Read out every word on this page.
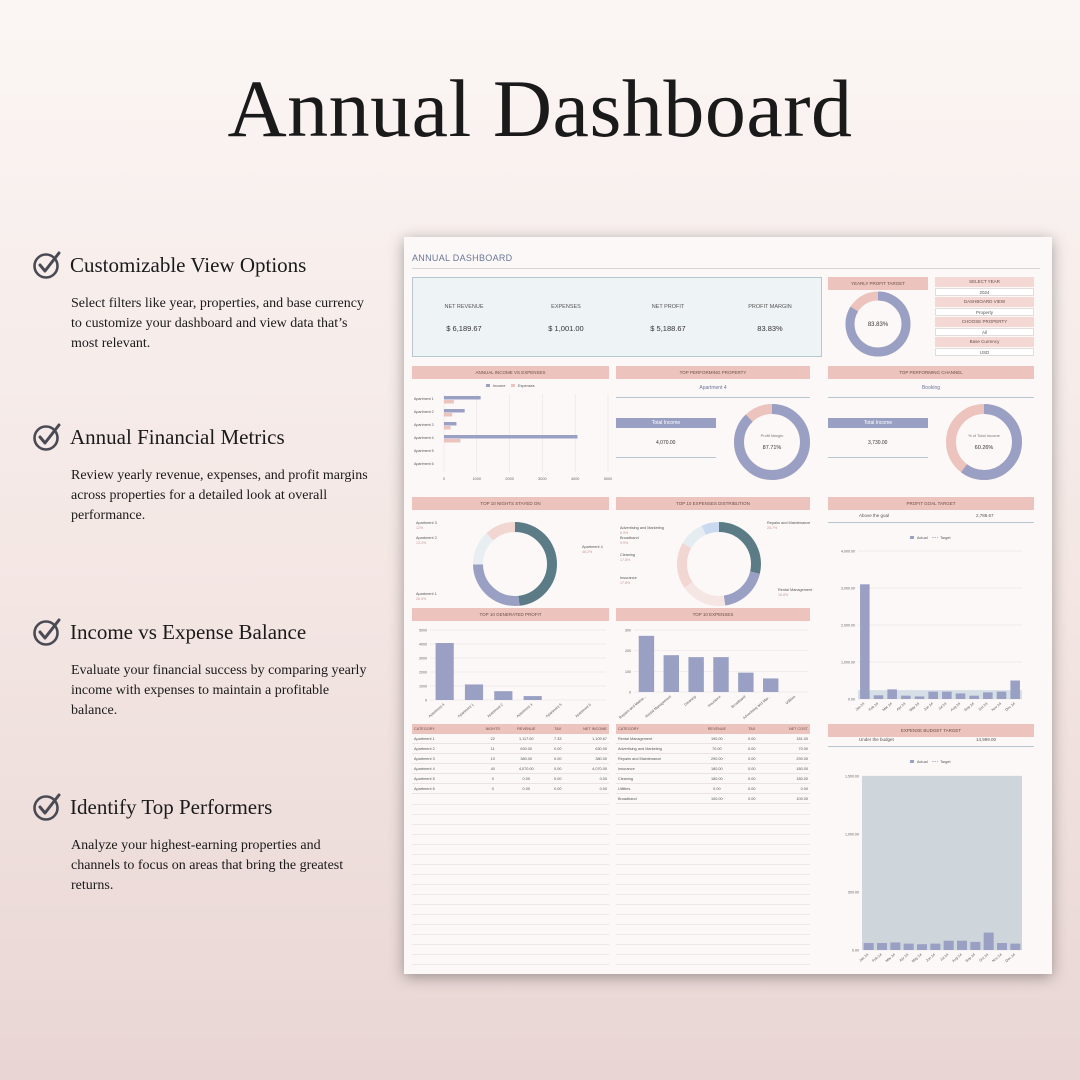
Annual Dashboard
Customizable View Options

Select filters like year, properties, and base currency to customize your dashboard and view data that’s most relevant.

Annual Financial Metrics

Review yearly revenue, expenses, and profit margins across properties for a detailed look at overall performance.

Income vs Expense Balance

Evaluate your financial success by comparing yearly income with expenses to maintain a profitable balance.

Identify Top Performers

Analyze your highest-earning properties and channels to focus on areas that bring the greatest returns.

ANNUAL DASHBOARD
NET REVENUE
$ 6,189.67
EXPENSES
$ 1,001.00
NET PROFIT
$ 5,188.67
PROFIT MARGIN
83.83%
YEARLY PROFIT TARGET
83.83%
SELECT YEAR
2024
DASHBOARD VIEW
Property
CHOOSE PROPERTY
All
Base Currency
USD
ANNUAL INCOME VS EXPENSES
Income	Expenses
0	1000	2000	3000	4000	5000
Apartment 1
Apartment 2
Apartment 3
Apartment 4
Apartment 5
Apartment 6
TOP PERFORMING PROPERTY
Apartment 4
Total Income
4,070.00
Profit Margin
87.71%
TOP PERFORMING CHANNEL
Booking
Total Income
3,730.00
% of Total Income
60.26%
TOP 10 NIGHTS STAYED ON
Apartment 4
48.2%
Apartment 1
26.5%
Apartment 2
13.3%
Apartment 3
12%
TOP 10 EXPENSES DISTRIBUTION
Repairs and Maintenance
28.7%
Rental Management
18.8%
Cleaning
17.8%
Insurance
17.8%
Broadband
9.9%
Advertising and Marketing
6.9%
PROFIT GOAL TARGET
Above the goal	2,788.67
Actual	Target
0.00
1,000.00
2,000.00
3,000.00
4,000.00
Jan 24 Feb 24 Mar 24 Apr 24 May 24 Jun 24 Jul 24 Aug 24 Sep 24 Oct 24 Nov 24 Dec 24
TOP 10 GENERATED PROFIT
0
1000
2000
3000
4000
5000
Apartment 4	Apartment 1	Apartment 2	Apartment 3	Apartment 5	Apartment 6
TOP 10 EXPENSES
0
100
200
300
Repairs and Mainte...
Rental Management	Cleaning	Insurance Broadband
Advertising and Mar...	Utilities
CATEGORY	NIGHTS	REVENUE	TAX	NET INCOME
Apartment 1	22	1,117.00	7.33	1,109.67
Apartment 2	11	630.00	0.00	630.00
Apartment 3	10	380.00	0.00	380.00
Apartment 4	40	4,070.00	0.00	4,070.00
Apartment 5	0	0.00	0.00	0.00
Apartment 6	0	0.00	0.00	0.00
CATEGORY	REVENUE	TAX	NET COST
Rental Management	190.00	0.00	181.00
Advertising and Marketing	70.00	0.00	70.00
Repairs and Maintenance	290.00	0.00	290.00
Insurance	180.00	0.00	180.00
Cleaning	180.00	0.00	180.00
Utilities	0.00	0.00	0.00
Broadband	100.00	0.00	100.00
EXPENSE BUDGET TARGET
Under the budget	14,999.00
Actual	Target
0.00
500.00
1,000.00
1,500.00
Jan 24 Feb 24 Mar 24 Apr 24 May 24 Jun 24 Jul 24 Aug 24 Sep 24 Oct 24 Nov 24 Dec 24
